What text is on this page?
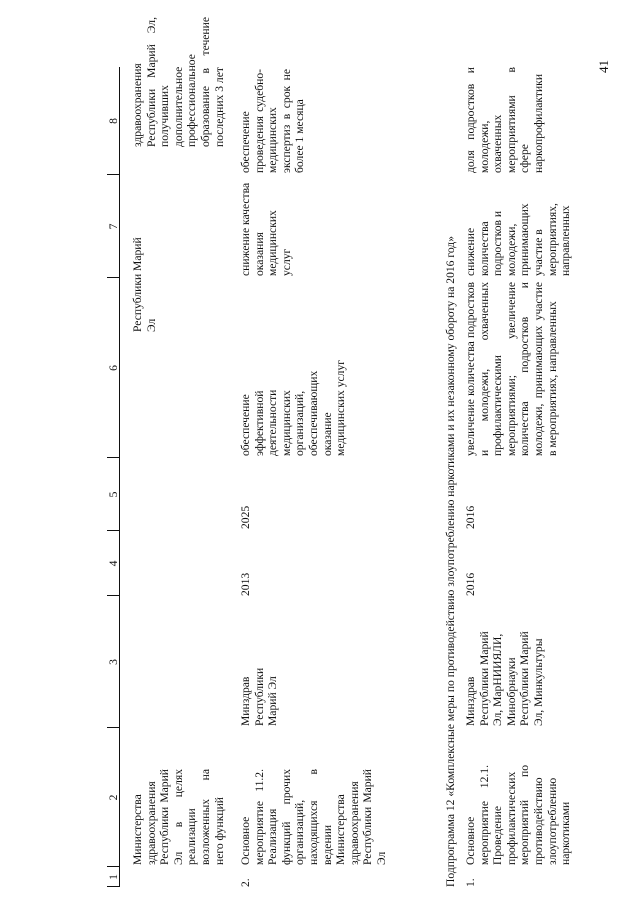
41
1
2
3
4
5
6
7
8
Министерства здравоохранения Республики Марий Эл в целях реализации возложенных на него функций
Республики Марий Эл
здравоохранения Республики Марий Эл, получивших дополнительное профессиональное образование в течение последних 3 лет
2.
Основное мероприятие 11.2. Реализация функций прочих организаций, находящихся в ведении Министерства здравоохранения Республики Марий Эл
Минздрав Республики Марий Эл
2013
2025
обеспечение эффективной деятельности медицинских организаций, обеспечивающих оказание медицинских услуг
снижение качества оказания медицинских услуг
обеспечение проведения судебно-медицинских экспертиз в срок не более 1 месяца
Подпрограмма 12 «Комплексные меры по противодействию злоупотреблению наркотиками и их незаконному обороту на 2016 год» 1.
Основное мероприятие 12.1. Проведение профилактических мероприятий по противодействию злоупотреблению наркотиками
Минздрав Республики Марий Эл, МарНИИЯЛИ, Минобрнауки Республики Марий Эл, Минкультуры
2016
2016
увеличение количества подростков и молодежи, охваченных профилактическими мероприятиями; увеличение количества подростков и молодежи, принимающих участие в мероприятиях, направленных
снижение количества подростков и молодежи, принимающих участие в мероприятиях, направленных
доля подростков и молодежи, охваченных мероприятиями в сфере наркопрофилактики
